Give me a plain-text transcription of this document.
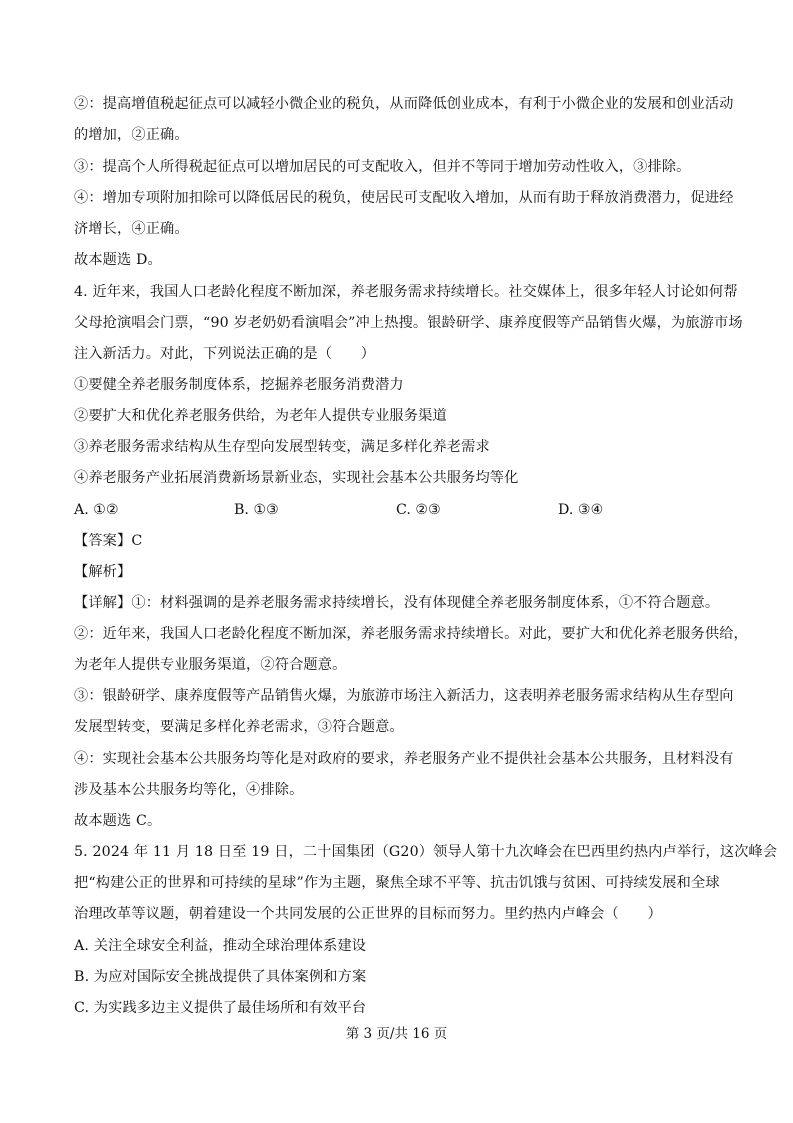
②：提高增值税起征点可以减轻小微企业的税负，从而降低创业成本，有利于小微企业的发展和创业活动
的增加，②正确。
③：提高个人所得税起征点可以增加居民的可支配收入，但并不等同于增加劳动性收入，③排除。
④：增加专项附加扣除可以降低居民的税负，使居民可支配收入增加，从而有助于释放消费潜力，促进经
济增长，④正确。
故本题选 D。
4. 近年来，我国人口老龄化程度不断加深，养老服务需求持续增长。社交媒体上，很多年轻人讨论如何帮
父母抢演唱会门票，“90 岁老奶奶看演唱会”冲上热搜。银龄研学、康养度假等产品销售火爆，为旅游市场
注入新活力。对此，下列说法正确的是（　　）
①要健全养老服务制度体系，挖掘养老服务消费潜力
②要扩大和优化养老服务供给，为老年人提供专业服务渠道
③养老服务需求结构从生存型向发展型转变，满足多样化养老需求
④养老服务产业拓展消费新场景新业态，实现社会基本公共服务均等化
A. ①②	B. ①③	C. ②③	D. ③④
【答案】C
【解析】
【详解】①：材料强调的是养老服务需求持续增长，没有体现健全养老服务制度体系，①不符合题意。
②：近年来，我国人口老龄化程度不断加深，养老服务需求持续增长。对此，要扩大和优化养老服务供给，
为老年人提供专业服务渠道，②符合题意。
③：银龄研学、康养度假等产品销售火爆，为旅游市场注入新活力，这表明养老服务需求结构从生存型向
发展型转变，要满足多样化养老需求，③符合题意。
④：实现社会基本公共服务均等化是对政府的要求，养老服务产业不提供社会基本公共服务，且材料没有
涉及基本公共服务均等化，④排除。
故本题选 C。
5. 2024 年 11 月 18 日至 19 日，二十国集团（G20）领导人第十九次峰会在巴西里约热内卢举行，这次峰会
把“构建公正的世界和可持续的星球”作为主题，聚焦全球不平等、抗击饥饿与贫困、可持续发展和全球
治理改革等议题，朝着建设一个共同发展的公正世界的目标而努力。里约热内卢峰会（　　）
A. 关注全球安全利益，推动全球治理体系建设
B. 为应对国际安全挑战提供了具体案例和方案
C. 为实践多边主义提供了最佳场所和有效平台
第 3 页/共 16 页
